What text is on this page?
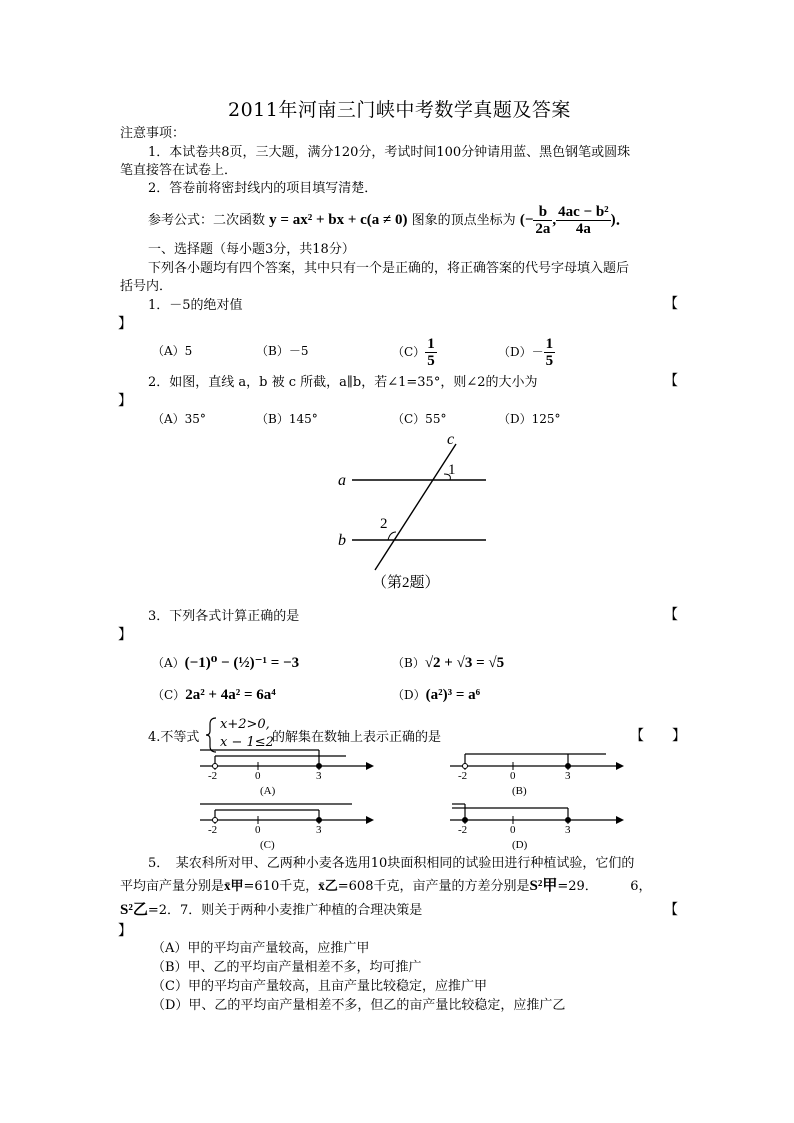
2011年河南三门峡中考数学真题及答案
注意事项：
1．本试卷共8页，三大题，满分120分，考试时间100分钟请用蓝、黑色钢笔或圆珠
笔直接答在试卷上．
2．答卷前将密封线内的项目填写清楚．
参考公式：二次函数 y = ax² + bx + c(a ≠ 0) 图象的顶点坐标为 (− $\frac{b}{2a}$ , $\frac{\text{4ac − b²}}{4a}$ )．
一、选择题（每小题3分，共18分）
下列各小题均有四个答案，其中只有一个是正确的，将正确答案的代号字母填入题后
括号内．
1．－5的绝对值	【
】
（A）5	（B）－5	$(C) \frac{1}{5}$	$(D)- \frac{1}{5}$
2．如图，直线 a，b 被 c 所截，a∥b，若∠1=35°，则∠2的大小为	【
】
（A）35°	（B）145°	（C）55°	（D）125°
a
b
c
1
2
（第2题）
3．下列各式计算正确的是	【
】
（A）(−1)⁰ − (½)⁻¹ = −3	（B）√2 + √3 = √5
（C）2a² + 4a² = 6a⁴	（D）(a²)³ = a⁶
4.不等式
x+2>0,
x − 1≤2
的解集在数轴上表示正确的是	【　　】
-2	0	3
(A)
-2	0	3
(B)
-2	0	3
(C)
-2	0	3
(D)
5．　某农科所对甲、乙两种小麦各选用10块面积相同的试验田进行种植试验，它们的
平均亩产量分别是x̄甲=610千克，x̄乙=608千克，亩产量的方差分别是S²甲=29．　　　6，
S²乙=2．7．则关于两种小麦推广种植的合理决策是	【
】
（A）甲的平均亩产量较高，应推广甲
（B）甲、乙的平均亩产量相差不多，均可推广
（C）甲的平均亩产量较高，且亩产量比较稳定，应推广甲
（D）甲、乙的平均亩产量相差不多，但乙的亩产量比较稳定，应推广乙
